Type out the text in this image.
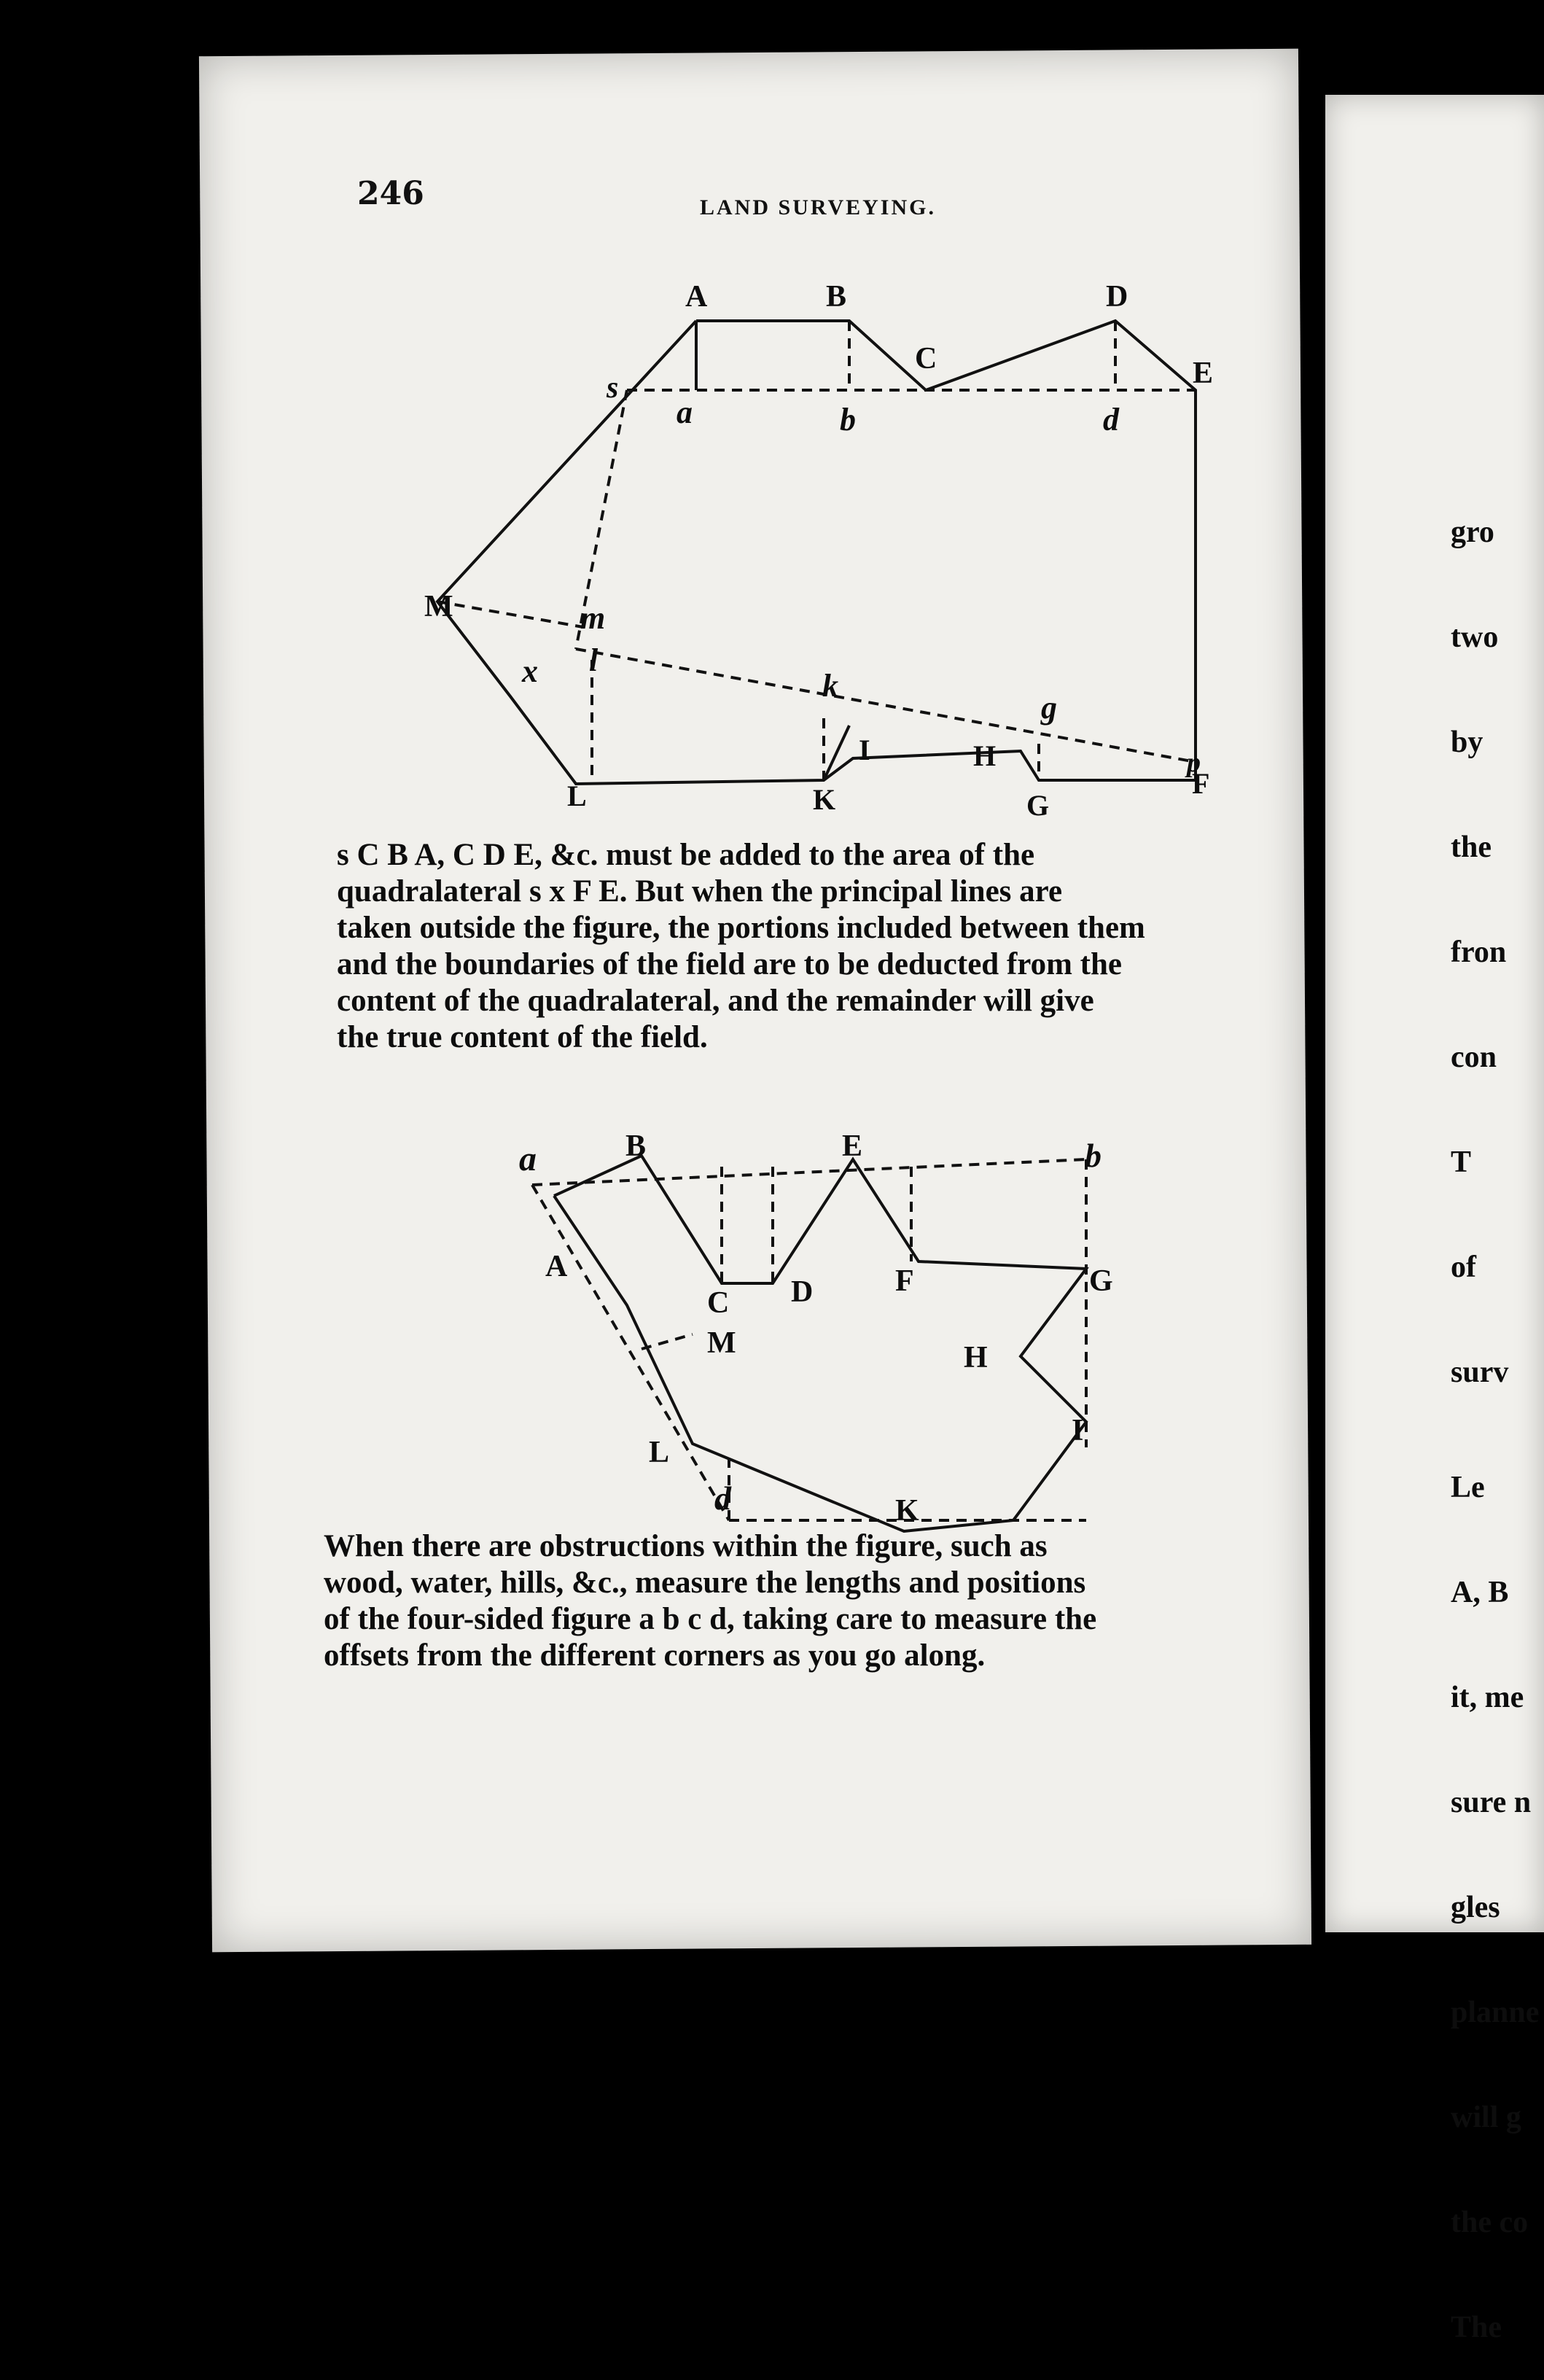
246	LAND SURVEYING.
A	B	D
C	E
s
a	b	d
M	m
x l
k
I
g
H	p
F
L	K	G
s C B A, C D E, &c. must be added to the area of the
quadralateral s x F E. But when the principal lines are
taken outside the figure, the portions included between them
and the boundaries of the field are to be deducted from the
content of the quadralateral, and the remainder will give
the true content of the field.
a	B	E	b
A
C D	F	G
M	H
L
I
d	K
When there are obstructions within the figure, such as
wood, water, hills, &c., measure the lengths and positions
of the four-sided figure a b c d, taking care to measure the
offsets from the different corners as you go along.

gro

two

by

the

fron

con

T

of

surv

Le

A, B

it, me

sure n

gles

planne

will g

the co

The
